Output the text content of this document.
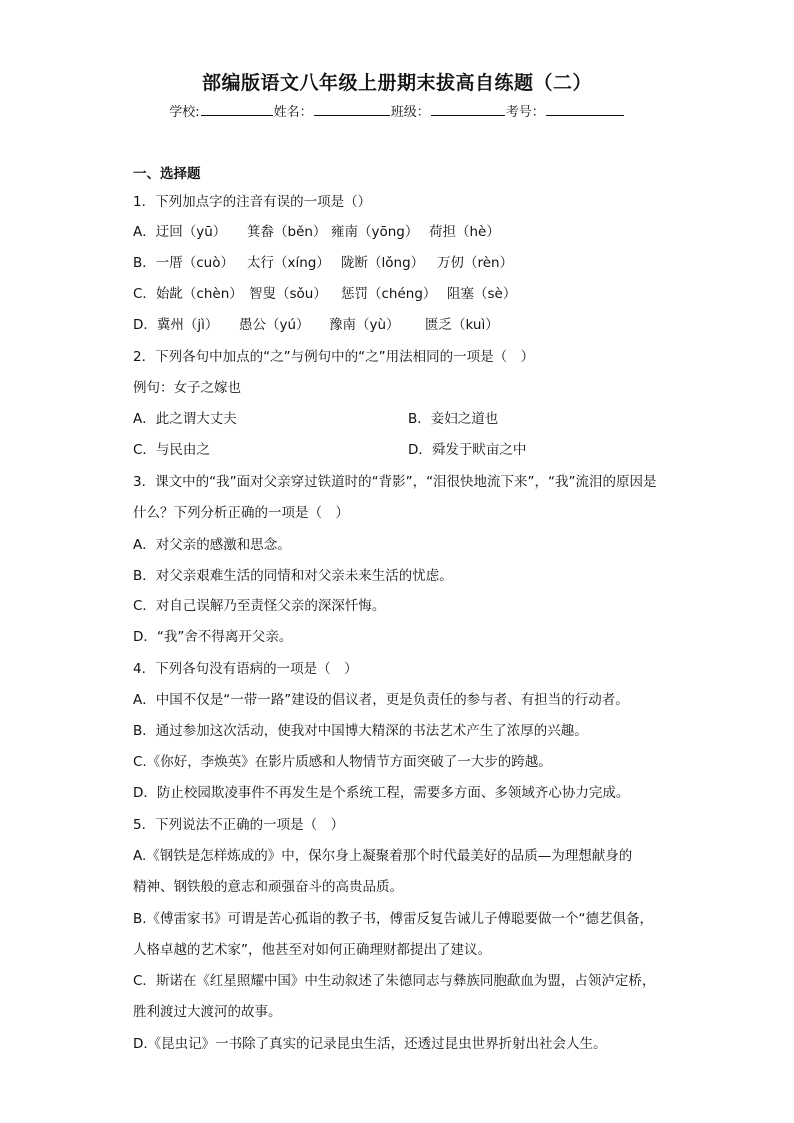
部编版语文八年级上册期末拔高自练题（二）
学校:	姓名：	班级：	考号：
一、选择题
1．下列加点字的注音有误的一项是（）
A．迂回（yū） 箕畚（běn） 雍南（yōng） 荷担（hè）
B．一厝（cuò） 太行（xíng） 陇断（lǒng） 万仞（rèn）
C．始龀（chèn） 智叟（sǒu） 惩罚（chéng） 阻塞（sè）
D．冀州（jì） 愚公（yú） 豫南（yù） 匮乏（kuì）
2．下列各句中加点的“之”与例句中的“之”用法相同的一项是（　）
例句：女子之嫁也
A．此之谓大丈夫	B．妾妇之道也
C．与民由之	D．舜发于畎亩之中
3．课文中的“我”面对父亲穿过铁道时的“背影”，“泪很快地流下来”，“我”流泪的原因是
什么？下列分析正确的一项是（　）
A．对父亲的感激和思念。
B．对父亲艰难生活的同情和对父亲未来生活的忧虑。
C．对自己误解乃至责怪父亲的深深忏悔。
D．“我”舍不得离开父亲。
4．下列各句没有语病的一项是（　）
A．中国不仅是“一带一路”建设的倡议者，更是负责任的参与者、有担当的行动者。
B．通过参加这次活动，使我对中国博大精深的书法艺术产生了浓厚的兴趣。
C.《你好，李焕英》在影片质感和人物情节方面突破了一大步的跨越。
D．防止校园欺凌事件不再发生是个系统工程，需要多方面、多领域齐心协力完成。
5．下列说法不正确的一项是（　）
A.《钢铁是怎样炼成的》中，保尔身上凝聚着那个时代最美好的品质—为理想献身的
精神、钢铁般的意志和顽强奋斗的高贵品质。
B.《傅雷家书》可谓是苦心孤诣的教子书，傅雷反复告诫儿子傅聪要做一个“德艺俱备，
人格卓越的艺术家”，他甚至对如何正确理财都提出了建议。
C．斯诺在《红星照耀中国》中生动叙述了朱德同志与彝族同胞歃血为盟，占领泸定桥，
胜利渡过大渡河的故事。
D.《昆虫记》一书除了真实的记录昆虫生活，还透过昆虫世界折射出社会人生。
